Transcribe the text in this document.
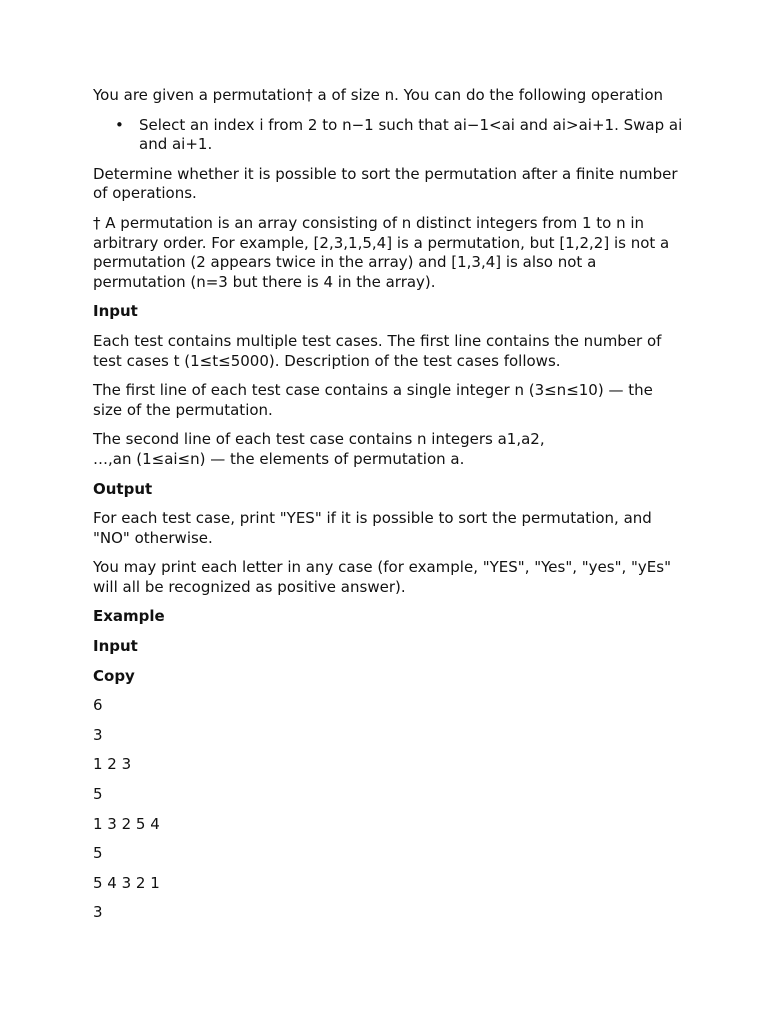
You are given a permutation† a of size n. You can do the following operation

• Select an index i from 2 to n−1 such that ai−1<ai and ai>ai+1. Swap ai and ai+1.

Determine whether it is possible to sort the permutation after a finite number of operations.

† A permutation is an array consisting of n distinct integers from 1 to n in arbitrary order. For example, [2,3,1,5,4] is a permutation, but [1,2,2] is not a permutation (2 appears twice in the array) and [1,3,4] is also not a permutation (n=3 but there is 4 in the array).

Input

Each test contains multiple test cases. The first line contains the number of test cases t (1≤t≤5000). Description of the test cases follows.

The first line of each test case contains a single integer n (3≤n≤10) — the size of the permutation.

The second line of each test case contains n integers a1,a2,
…,an (1≤ai≤n) — the elements of permutation a.

Output

For each test case, print "YES" if it is possible to sort the permutation, and "NO" otherwise.

You may print each letter in any case (for example, "YES", "Yes", "yes", "yEs" will all be recognized as positive answer).

Example

Input

Copy

6

3

1 2 3

5

1 3 2 5 4

5

5 4 3 2 1

3
